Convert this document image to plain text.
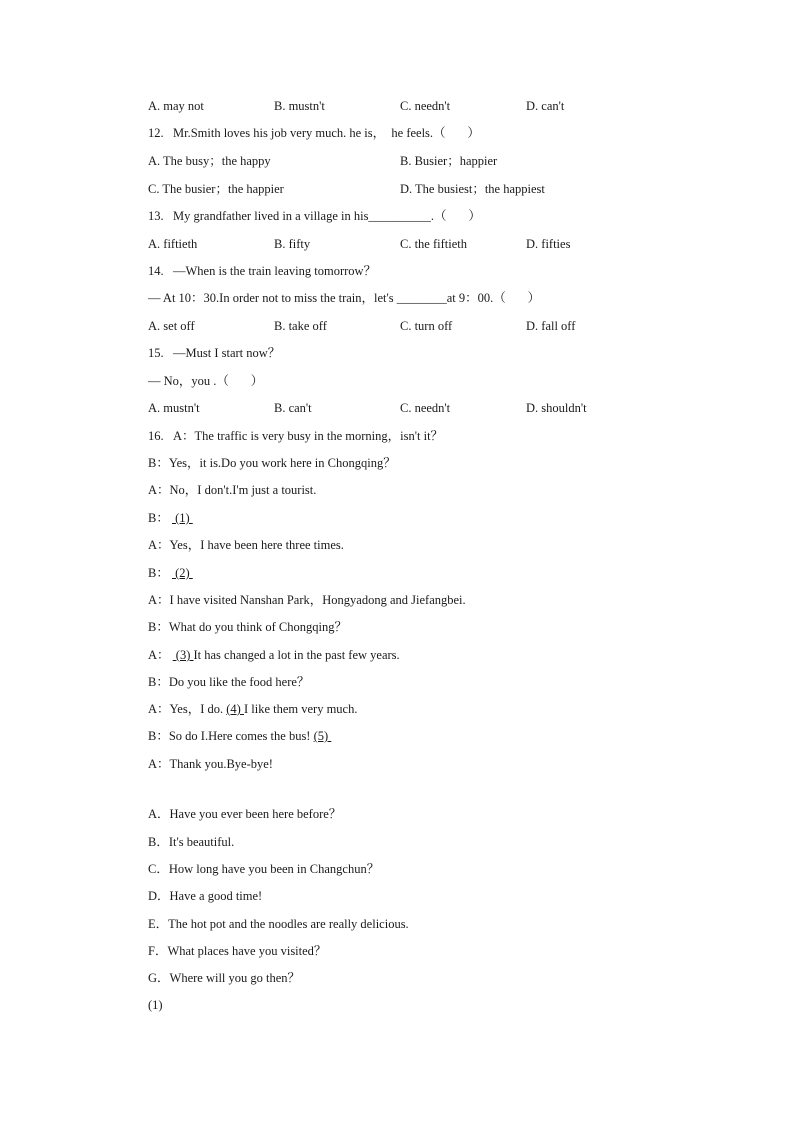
A. may not	B. mustn't	C. needn't	D. can't
12.   Mr.Smith loves his job very much. he is，  he feels.（       ）
A. The busy；the happy	B. Busier；happier
C. The busier；the happier	D. The busiest；the happiest
13.   My grandfather lived in a village in his__________.（       ）
A. fiftieth	B. fifty	C. the fiftieth	D. fifties
14.   —When is the train leaving tomorrow？
— At 10：30.In order not to miss the train，let's ________at 9：00.（       ）
A. set off	B. take off	C. turn off	D. fall off
15.   —Must I start now？
— No，you .（       ）
A. mustn't	B. can't	C. needn't	D. shouldn't
16.   A：The traffic is very busy in the morning，isn't it？
B：Yes，it is.Do you work here in Chongqing？
A：No，I don't.I'm just a tourist.
B：  (1)
A：Yes，I have been here three times.
B：  (2)
A：I have visited Nanshan Park，Hongyadong and Jiefangbei.
B：What do you think of Chongqing？
A：  (3) It has changed a lot in the past few years.
B：Do you like the food here？
A：Yes，I do. (4) I like them very much.
B：So do I.Here comes the bus! (5)
A：Thank you.Bye-bye!
A．Have you ever been here before？
B．It's beautiful.
C．How long have you been in Changchun？
D．Have a good time!
E．The hot pot and the noodles are really delicious.
F．What places have you visited？
G．Where will you go then？
(1)
